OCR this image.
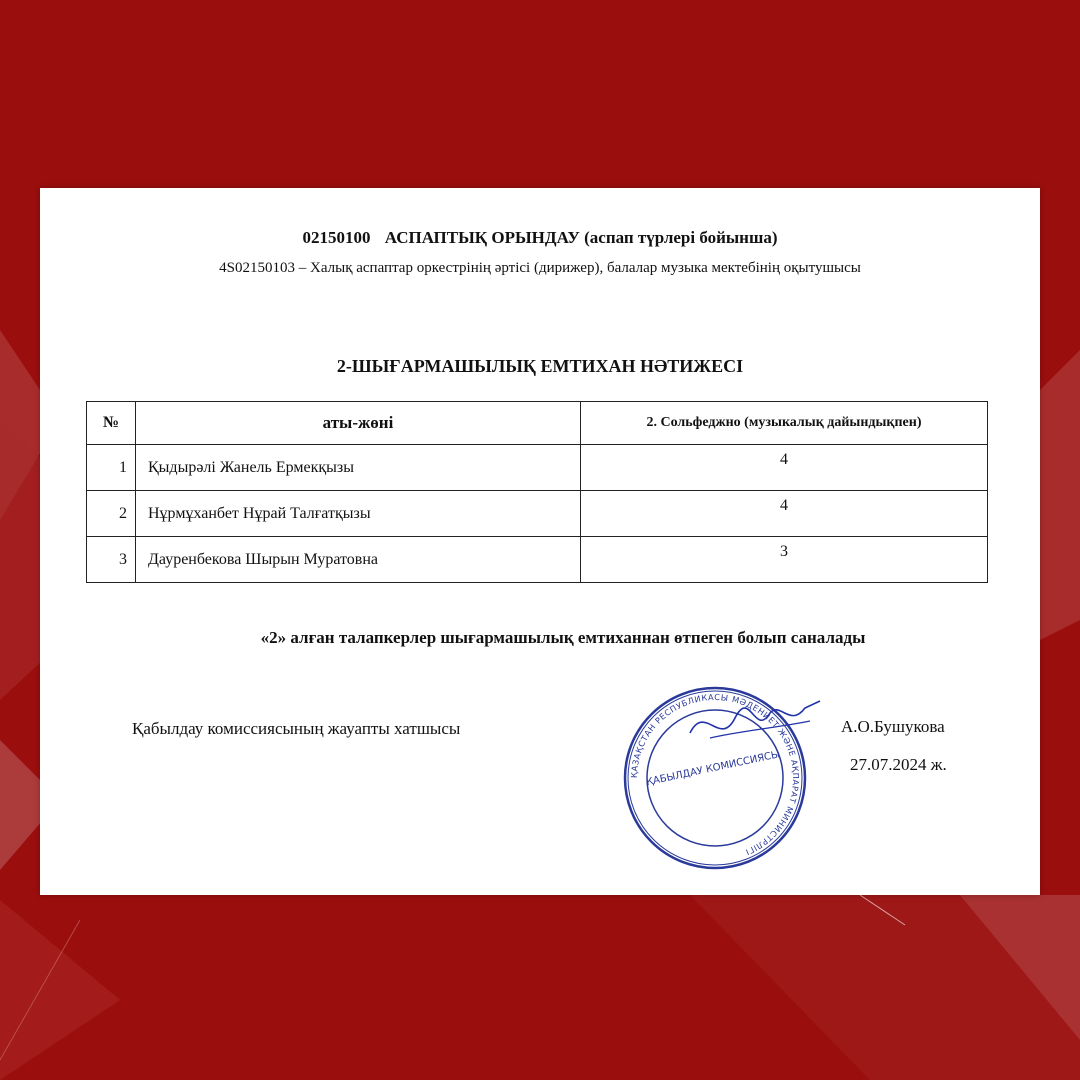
02150100 АСПАПТЫҚ ОРЫНДАУ (аспап түрлері бойынша)
4S02150103 – Халық аспаптар оркестрінің әртісі (дирижер), балалар музыка мектебінің оқытушысы
2-ШЫҒАРМАШЫЛЫҚ ЕМТИХАН НӘТИЖЕСІ
№	аты-жөні	2. Сольфеджно (музыкалық дайындықпен)
1	Қыдырәлі Жанель Ермекқызы	4
2	Нұрмұханбет Нұрай Талғатқызы	4
3	Дауренбекова Шырын Муратовна	3
«2» алған талапкерлер шығармашылық емтиханнан өтпеген болып саналады
Қабылдау комиссиясының жауапты хатшысы
ҚАЗАҚСТАН РЕСПУБЛИКАСЫ МӘДЕНИЕТ ЖӘНЕ АҚПАРАТ МИНИСТРЛІГІ
ҚАБЫЛДАУ КОМИССИЯСЫ
А.О.Бушукова
27.07.2024 ж.
